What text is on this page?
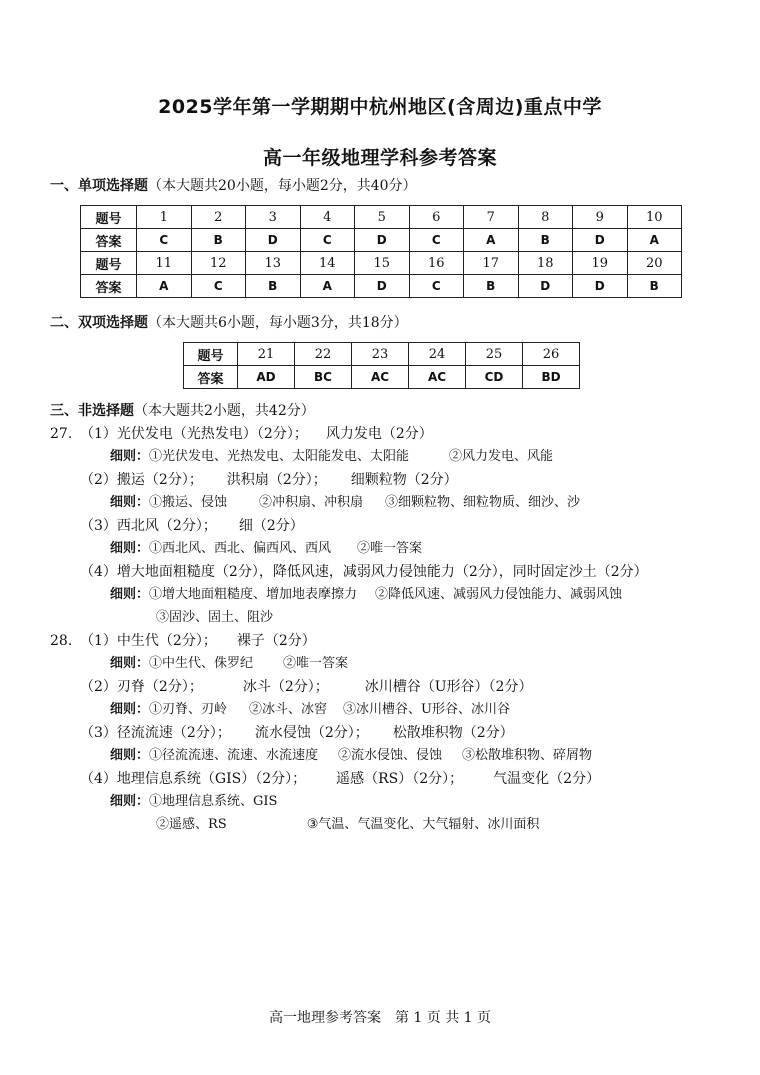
2025学年第一学期期中杭州地区(含周边)重点中学
高一年级地理学科参考答案
一、单项选择题（本大题共20小题，每小题2分，共40分）
题号	1	2	3	4	5	6	7	8	9	10
答案	C	B	D	C	D	C	A	B	D	A
题号	11	12	13	14	15	16	17	18	19	20
答案	A	C	B	A	D	C	B	D	D	B
二、双项选择题（本大题共6小题，每小题3分，共18分）
题号	21	22	23	24	25	26
答案	AD	BC	AC	AC	CD	BD
三、非选择题（本大题共2小题，共42分）
27. （1）光伏发电（光热发电）（2分）； 风力发电（2分）
细则：①光伏发电、光热发电、太阳能发电、太阳能	②风力发电、风能
（2）搬运（2分）； 洪积扇（2分）； 细颗粒物（2分）
细则：①搬运、侵蚀 ②冲积扇、冲积扇 ③细颗粒物、细粒物质、细沙、沙
（3）西北风（2分）； 细（2分）
细则：①西北风、西北、偏西风、西风 ②唯一答案
（4）增大地面粗糙度（2分），降低风速，减弱风力侵蚀能力（2分），同时固定沙土（2分）
细则：①增大地面粗糙度、增加地表摩擦力 ②降低风速、减弱风力侵蚀能力、减弱风蚀
③固沙、固土、阻沙
28. （1）中生代（2分）； 裸子（2分）
细则：①中生代、侏罗纪 ②唯一答案
（2）刃脊（2分）；	冰斗（2分）；	冰川槽谷（U形谷）（2分）
细则：①刃脊、刃岭 ②冰斗、冰窖 ③冰川槽谷、U形谷、冰川谷
（3）径流流速（2分）； 流水侵蚀（2分）； 松散堆积物（2分）
细则：①径流流速、流速、水流速度 ②流水侵蚀、侵蚀 ③松散堆积物、碎屑物
（4）地理信息系统（GIS）（2分）； 遥感（RS）（2分）； 气温变化（2分）
细则：①地理信息系统、GIS
②遥感、RS	③气温、气温变化、大气辐射、冰川面积
高一地理参考答案　第 1 页 共 1 页
